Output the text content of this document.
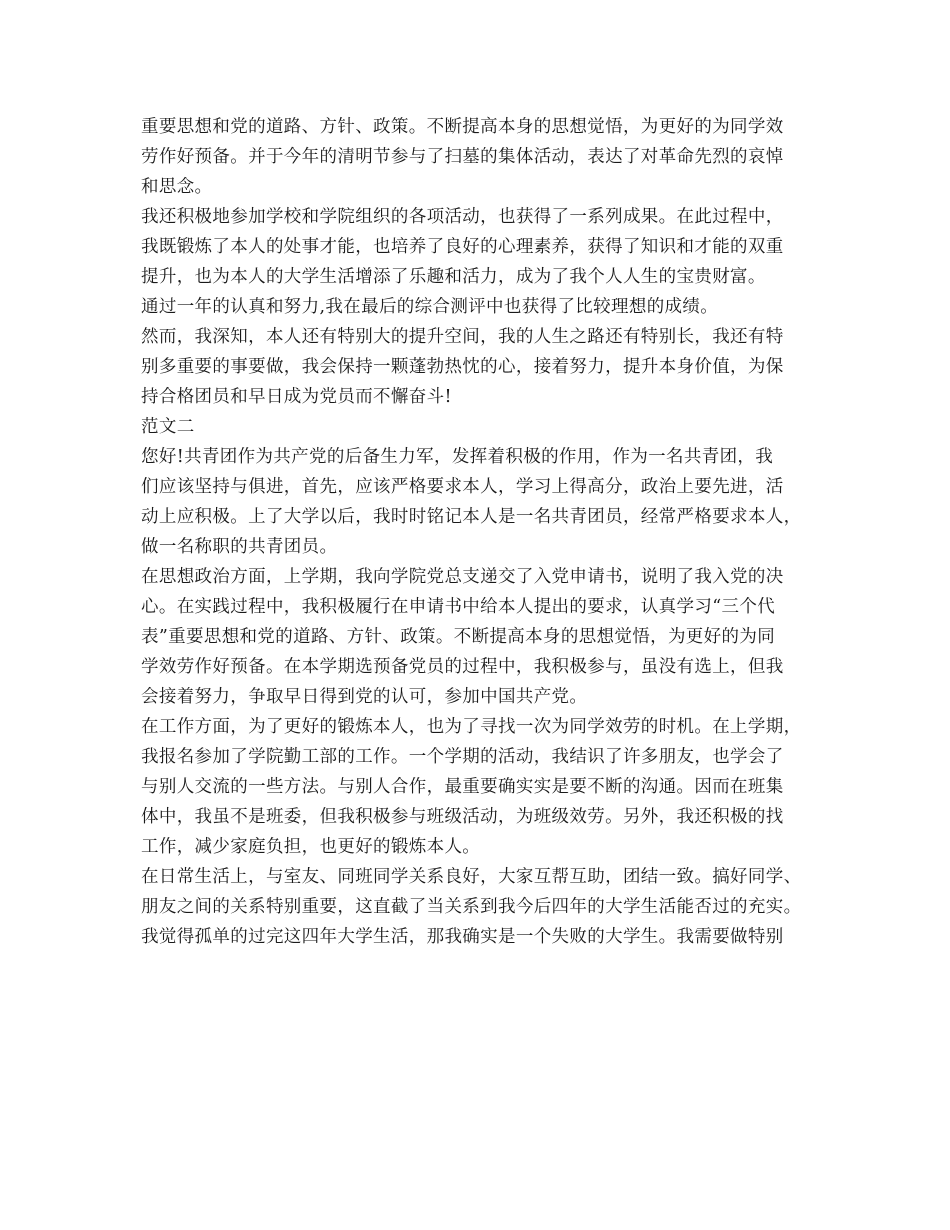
重要思想和党的道路、方针、政策。不断提高本身的思想觉悟，为更好的为同学效
劳作好预备。并于今年的清明节参与了扫墓的集体活动，表达了对革命先烈的哀悼
和思念。
我还积极地参加学校和学院组织的各项活动，也获得了一系列成果。在此过程中，
我既锻炼了本人的处事才能，也培养了良好的心理素养，获得了知识和才能的双重
提升，也为本人的大学生活增添了乐趣和活力，成为了我个人人生的宝贵财富。
通过一年的认真和努力,我在最后的综合测评中也获得了比较理想的成绩。
然而，我深知，本人还有特别大的提升空间，我的人生之路还有特别长，我还有特
别多重要的事要做，我会保持一颗蓬勃热忱的心，接着努力，提升本身价值，为保
持合格团员和早日成为党员而不懈奋斗!
范文二
您好!共青团作为共产党的后备生力军，发挥着积极的作用，作为一名共青团，我
们应该坚持与俱进，首先，应该严格要求本人，学习上得高分，政治上要先进，活
动上应积极。上了大学以后，我时时铭记本人是一名共青团员，经常严格要求本人，
做一名称职的共青团员。
在思想政治方面，上学期，我向学院党总支递交了入党申请书，说明了我入党的决
心。在实践过程中，我积极履行在申请书中给本人提出的要求，认真学习“三个代
表”重要思想和党的道路、方针、政策。不断提高本身的思想觉悟，为更好的为同
学效劳作好预备。在本学期选预备党员的过程中，我积极参与，虽没有选上，但我
会接着努力，争取早日得到党的认可，参加中国共产党。
在工作方面，为了更好的锻炼本人，也为了寻找一次为同学效劳的时机。在上学期，
我报名参加了学院勤工部的工作。一个学期的活动，我结识了许多朋友，也学会了
与别人交流的一些方法。与别人合作，最重要确实实是要不断的沟通。因而在班集
体中，我虽不是班委，但我积极参与班级活动，为班级效劳。另外，我还积极的找
工作，减少家庭负担，也更好的锻炼本人。
在日常生活上，与室友、同班同学关系良好，大家互帮互助，团结一致。搞好同学、
朋友之间的关系特别重要，这直截了当关系到我今后四年的大学生活能否过的充实。
我觉得孤单的过完这四年大学生活，那我确实是一个失败的大学生。我需要做特别
